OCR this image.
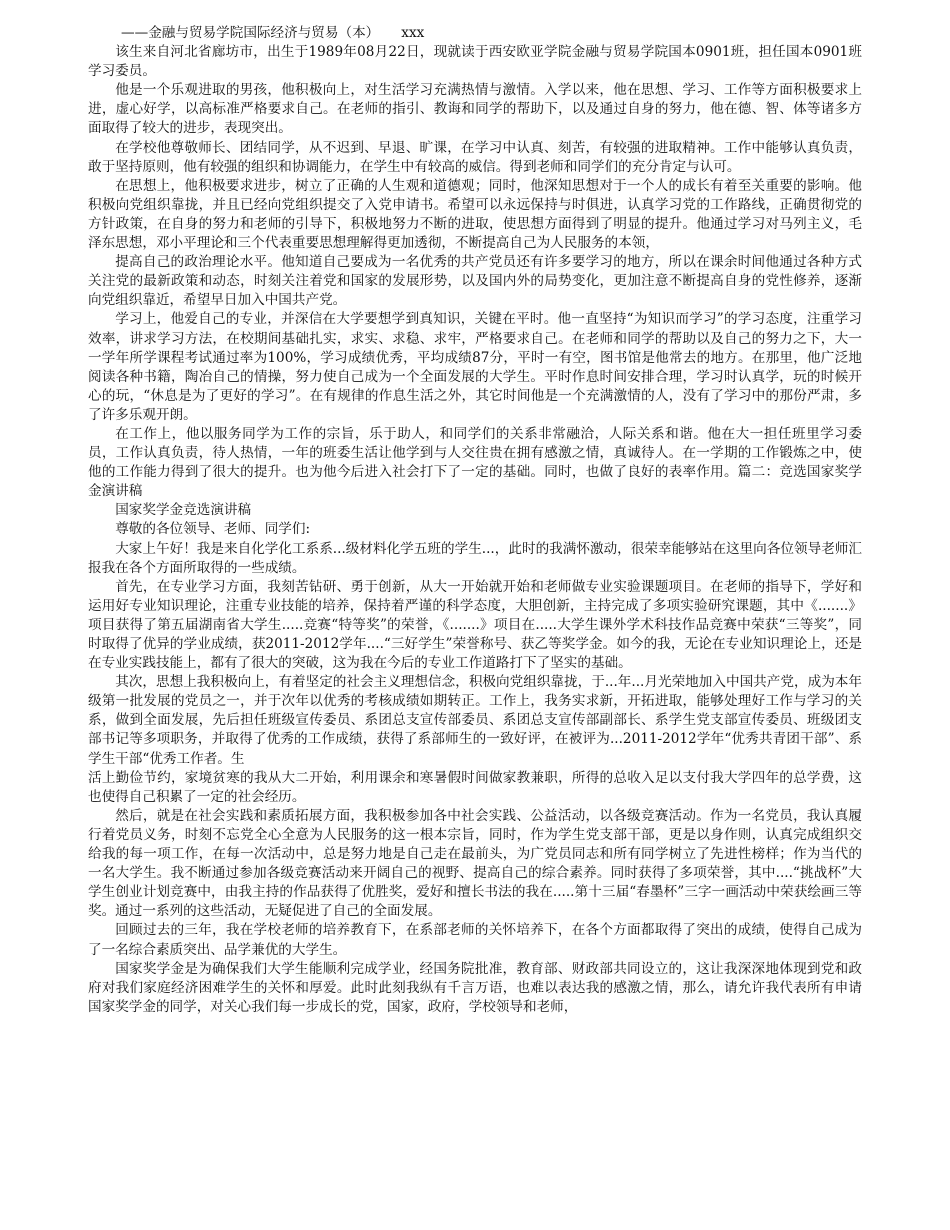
——金融与贸易学院国际经济与贸易（本） xxx

该生来自河北省廊坊市，出生于1989年08月22日，现就读于西安欧亚学院金融与贸易学院国本0901班，担任国本0901班学习委员。

他是一个乐观进取的男孩，他积极向上，对生活学习充满热情与激情。入学以来，他在思想、学习、工作等方面积极要求上进，虚心好学，以高标准严格要求自己。在老师的指引、教诲和同学的帮助下，以及通过自身的努力，他在德、智、体等诸多方面取得了较大的进步，表现突出。

在学校他尊敬师长、团结同学，从不迟到、早退、旷课，在学习中认真、刻苦，有较强的进取精神。工作中能够认真负责，敢于坚持原则，他有较强的组织和协调能力，在学生中有较高的威信。得到老师和同学们的充分肯定与认可。

在思想上，他积极要求进步，树立了正确的人生观和道德观；同时，他深知思想对于一个人的成长有着至关重要的影响。他积极向党组织靠拢，并且已经向党组织提交了入党申请书。希望可以永远保持与时俱进，认真学习党的工作路线，正确贯彻党的方针政策，在自身的努力和老师的引导下，积极地努力不断的进取，使思想方面得到了明显的提升。他通过学习对马列主义，毛泽东思想，邓小平理论和三个代表重要思想理解得更加透彻，不断提高自己为人民服务的本领，

提高自己的政治理论水平。他知道自己要成为一名优秀的共产党员还有许多要学习的地方，所以在课余时间他通过各种方式关注党的最新政策和动态，时刻关注着党和国家的发展形势，以及国内外的局势变化，更加注意不断提高自身的党性修养，逐渐向党组织靠近，希望早日加入中国共产党。

学习上，他爱自己的专业，并深信在大学要想学到真知识，关键在平时。他一直坚持“为知识而学习”的学习态度，注重学习效率，讲求学习方法，在校期间基础扎实，求实、求稳、求牢，严格要求自己。在老师和同学的帮助以及自己的努力之下，大一一学年所学课程考试通过率为100%，学习成绩优秀，平均成绩87分，平时一有空，图书馆是他常去的地方。在那里，他广泛地阅读各种书籍，陶冶自己的情操，努力使自己成为一个全面发展的大学生。平时作息时间安排合理，学习时认真学，玩的时候开心的玩，“休息是为了更好的学习”。在有规律的作息生活之外，其它时间他是一个充满激情的人，没有了学习中的那份严肃，多了许多乐观开朗。

在工作上，他以服务同学为工作的宗旨，乐于助人，和同学们的关系非常融洽，人际关系和谐。他在大一担任班里学习委员，工作认真负责，待人热情，一年的班委生活让他学到与人交往贵在拥有感激之情，真诚待人。在一学期的工作锻炼之中，使他的工作能力得到了很大的提升。也为他今后进入社会打下了一定的基础。同时，也做了良好的表率作用。篇二：竞选国家奖学金演讲稿

国家奖学金竞选演讲稿

尊敬的各位领导、老师、同学们:

大家上午好！我是来自化学化工系系...级材料化学五班的学生...，此时的我满怀激动，很荣幸能够站在这里向各位领导老师汇报我在各个方面所取得的一些成绩。

首先，在专业学习方面，我刻苦钻研、勇于创新，从大一开始就开始和老师做专业实验课题项目。在老师的指导下，学好和运用好专业知识理论，注重专业技能的培养，保持着严谨的科学态度，大胆创新，主持完成了多项实验研究课题，其中《.......》项目获得了第五届湖南省大学生.....竞赛“特等奖”的荣誉，《.......》项目在.....大学生课外学术科技作品竞赛中荣获“三等奖”，同时取得了优异的学业成绩，获2011-2012学年....“三好学生”荣誉称号、获乙等奖学金。如今的我，无论在专业知识理论上，还是在专业实践技能上，都有了很大的突破，这为我在今后的专业工作道路打下了坚实的基础。

其次，思想上我积极向上，有着坚定的社会主义理想信念，积极向党组织靠拢，于...年...月光荣地加入中国共产党，成为本年级第一批发展的党员之一，并于次年以优秀的考核成绩如期转正。工作上，我务实求新，开拓进取，能够处理好工作与学习的关系，做到全面发展，先后担任班级宣传委员、系团总支宣传部委员、系团总支宣传部副部长、系学生党支部宣传委员、班级团支部书记等多项职务，并取得了优秀的工作成绩，获得了系部师生的一致好评，在被评为...2011-2012学年“优秀共青团干部”、系学生干部“优秀工作者。生

活上勤俭节约，家境贫寒的我从大二开始，利用课余和寒暑假时间做家教兼职，所得的总收入足以支付我大学四年的总学费，这也使得自己积累了一定的社会经历。

然后，就是在社会实践和素质拓展方面，我积极参加各中社会实践、公益活动，以各级竞赛活动。作为一名党员，我认真履行着党员义务，时刻不忘党全心全意为人民服务的这一根本宗旨，同时，作为学生党支部干部，更是以身作则，认真完成组织交给我的每一项工作，在每一次活动中，总是努力地是自己走在最前头，为广党员同志和所有同学树立了先进性榜样；作为当代的一名大学生。我不断通过参加各级竞赛活动来开阔自己的视野、提高自己的综合素养。同时获得了多项荣誉，其中....“挑战杯”大学生创业计划竞赛中，由我主持的作品获得了优胜奖，爱好和擅长书法的我在.....第十三届“春墨杯”三字一画活动中荣获绘画三等奖。通过一系列的这些活动，无疑促进了自己的全面发展。

回顾过去的三年，我在学校老师的培养教育下，在系部老师的关怀培养下，在各个方面都取得了突出的成绩，使得自己成为了一名综合素质突出、品学兼优的大学生。

国家奖学金是为确保我们大学生能顺利完成学业，经国务院批准，教育部、财政部共同设立的，这让我深深地体现到党和政府对我们家庭经济困难学生的关怀和厚爱。此时此刻我纵有千言万语，也难以表达我的感激之情，那么，请允许我代表所有申请国家奖学金的同学，对关心我们每一步成长的党，国家，政府，学校领导和老师，
